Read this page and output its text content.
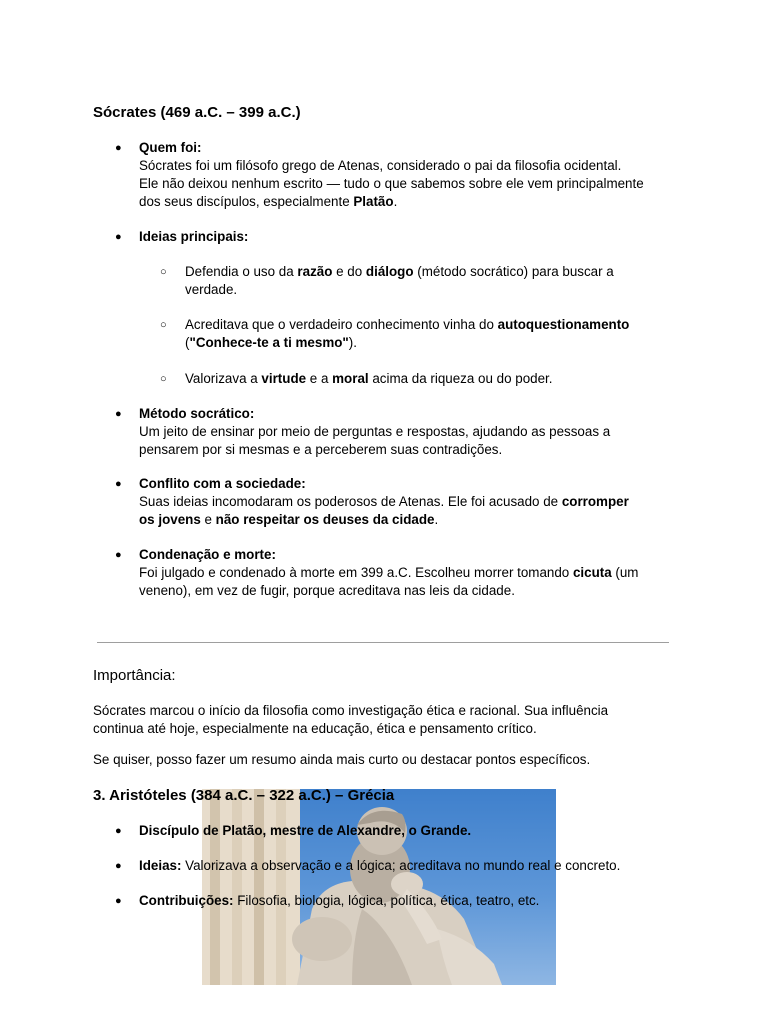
Sócrates (469 a.C. – 399 a.C.)
● Quem foi:
Sócrates foi um filósofo grego de Atenas, considerado o pai da filosofia ocidental.
Ele não deixou nenhum escrito — tudo o que sabemos sobre ele vem principalmente
dos seus discípulos, especialmente Platão.
● Ideias principais:
○ Defendia o uso da razão e do diálogo (método socrático) para buscar a
verdade.
○ Acreditava que o verdadeiro conhecimento vinha do autoquestionamento
("Conhece-te a ti mesmo").
○ Valorizava a virtude e a moral acima da riqueza ou do poder.
● Método socrático:
Um jeito de ensinar por meio de perguntas e respostas, ajudando as pessoas a
pensarem por si mesmas e a perceberem suas contradições.
● Conflito com a sociedade:
Suas ideias incomodaram os poderosos de Atenas. Ele foi acusado de corromper
os jovens e não respeitar os deuses da cidade.
● Condenação e morte:
Foi julgado e condenado à morte em 399 a.C. Escolheu morrer tomando cicuta (um
veneno), em vez de fugir, porque acreditava nas leis da cidade.
Importância:
Sócrates marcou o início da filosofia como investigação ética e racional. Sua influência
continua até hoje, especialmente na educação, ética e pensamento crítico.
Se quiser, posso fazer um resumo ainda mais curto ou destacar pontos específicos.
3. Aristóteles (384 a.C. – 322 a.C.) – Grécia
● Discípulo de Platão, mestre de Alexandre, o Grande.
● Ideias: Valorizava a observação e a lógica; acreditava no mundo real e concreto.
● Contribuições: Filosofia, biologia, lógica, política, ética, teatro, etc.
